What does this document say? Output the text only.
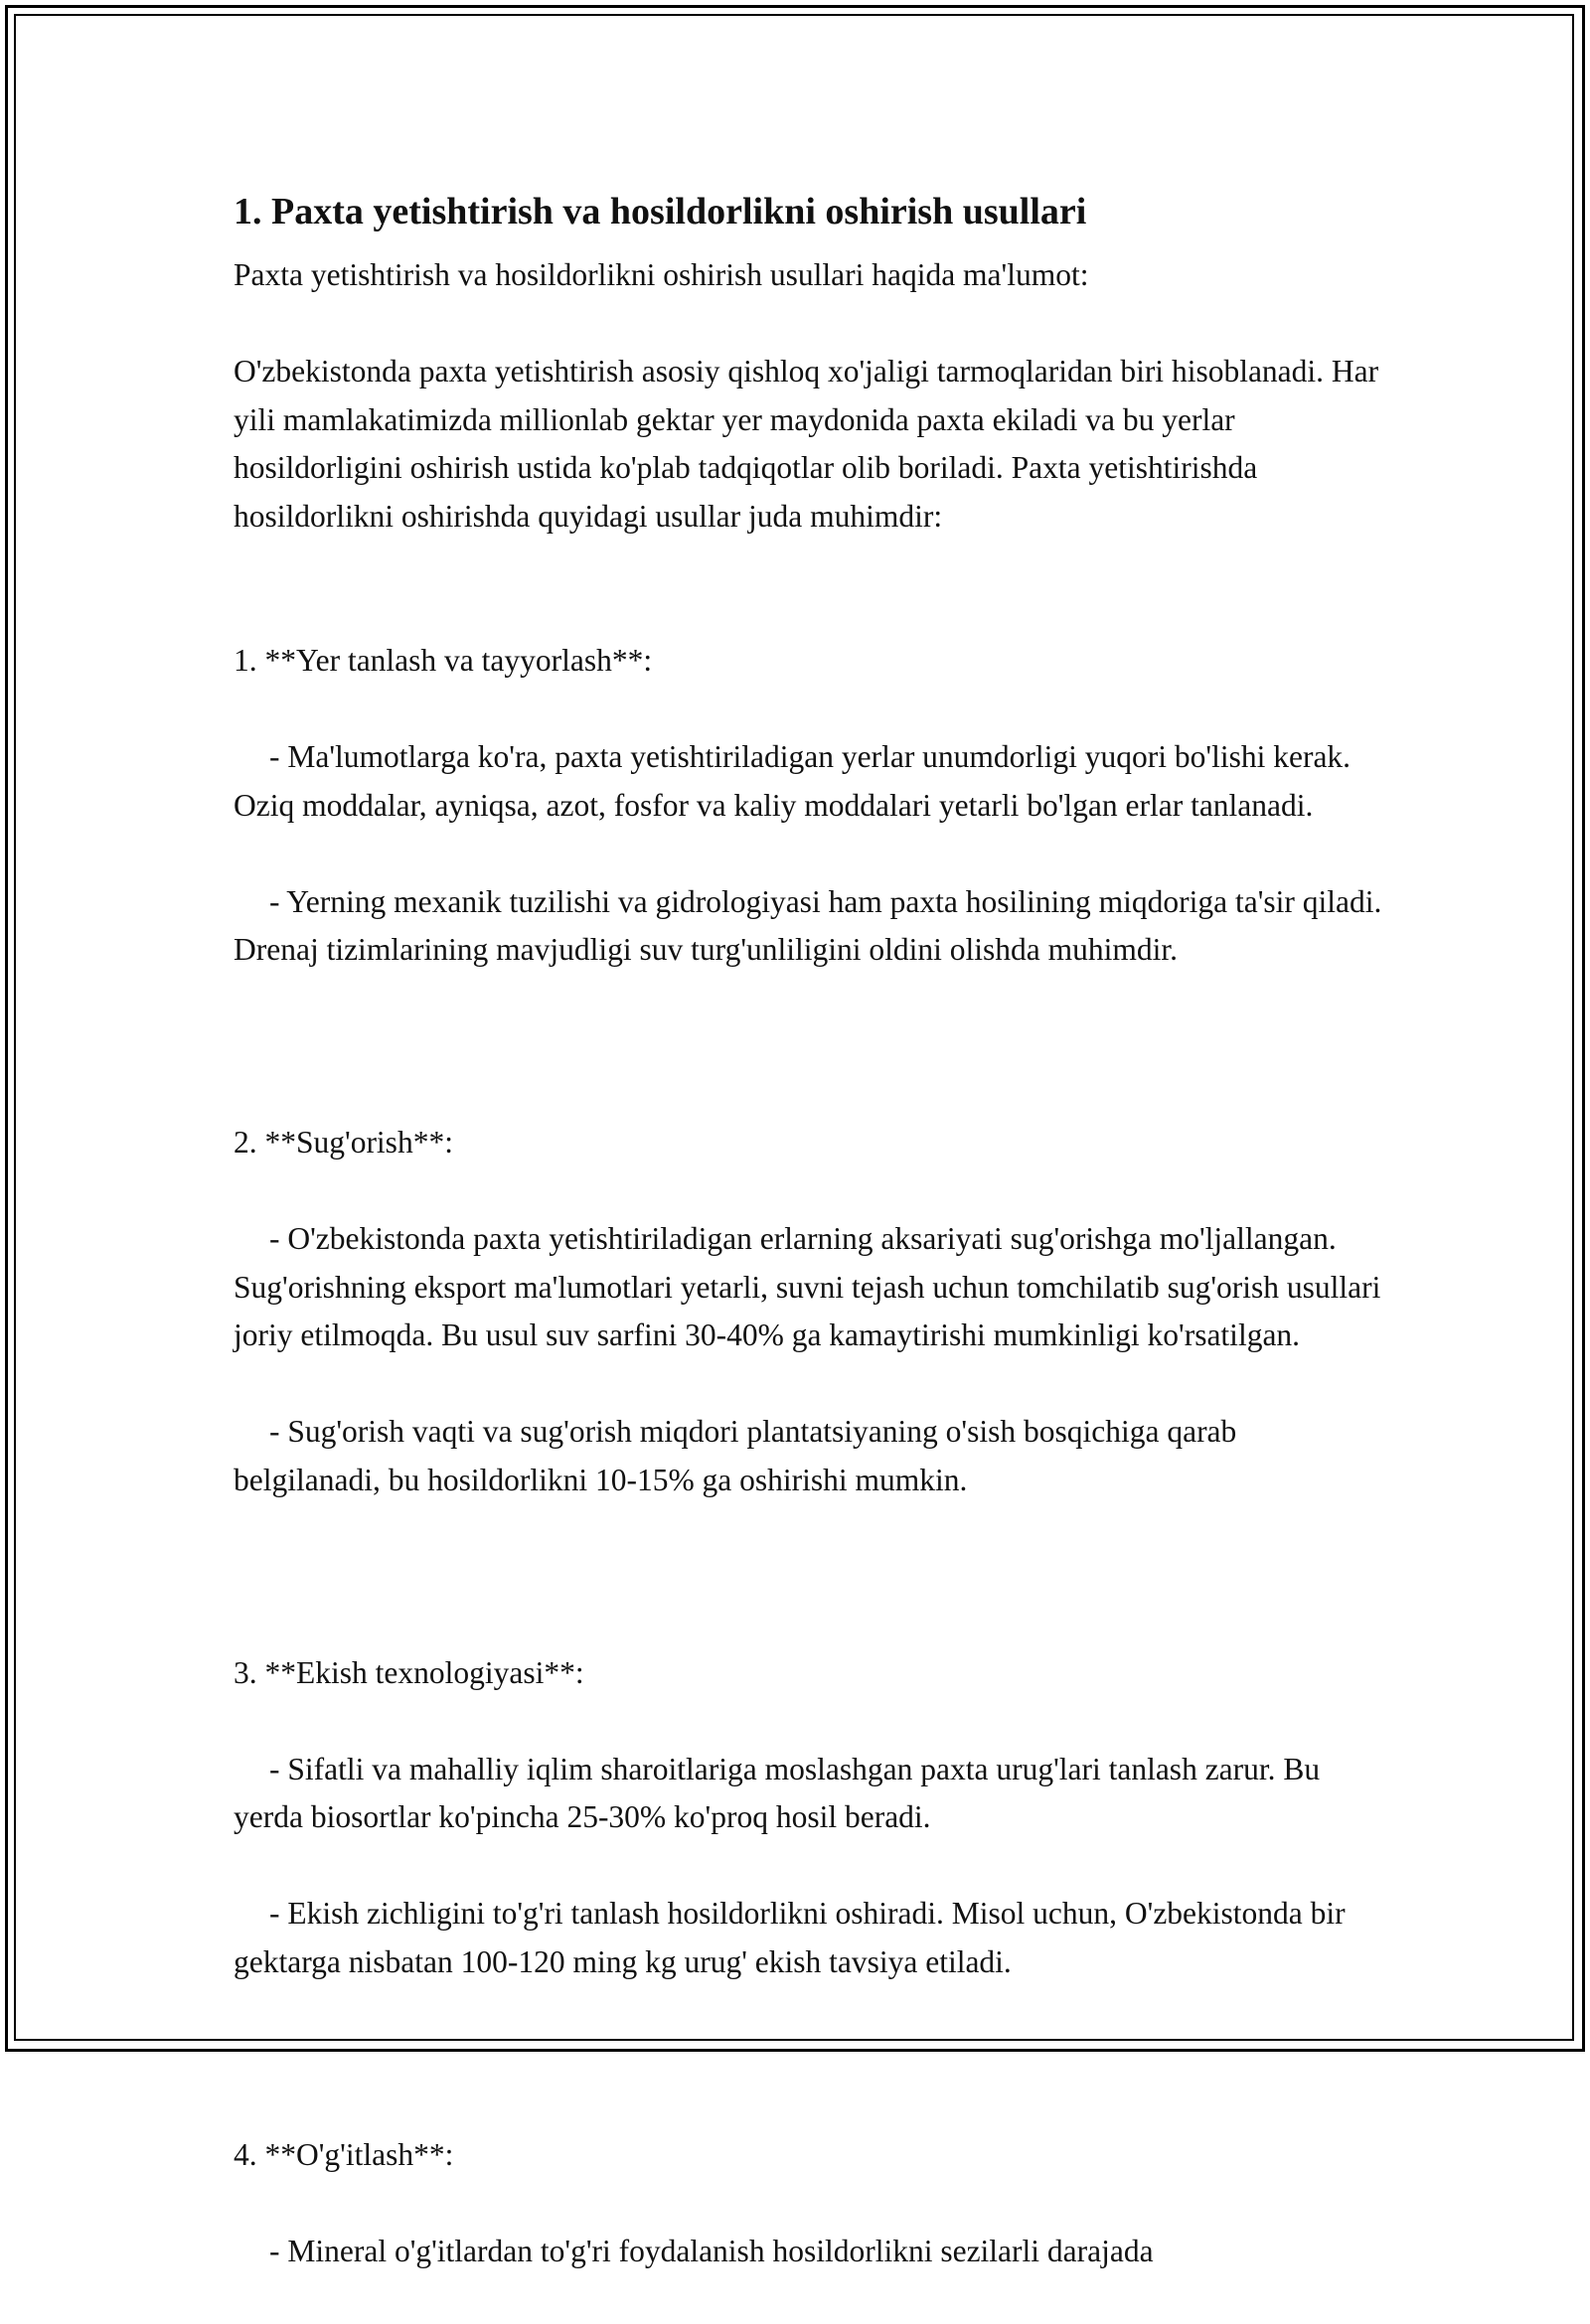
1. Paxta yetishtirish va hosildorlikni oshirish usullari

Paxta yetishtirish va hosildorlikni oshirish usullari haqida ma'lumot:

O'zbekistonda paxta yetishtirish asosiy qishloq xo'jaligi tarmoqlaridan biri hisoblanadi. Har yili mamlakatimizda millionlab gektar yer maydonida paxta ekiladi va bu yerlar hosildorligini oshirish ustida ko'plab tadqiqotlar olib boriladi. Paxta yetishtirishda hosildorlikni oshirishda quyidagi usullar juda muhimdir:

1. **Yer tanlash va tayyorlash**:

- Ma'lumotlarga ko'ra, paxta yetishtiriladigan yerlar unumdorligi yuqori bo'lishi kerak. Oziq moddalar, ayniqsa, azot, fosfor va kaliy moddalari yetarli bo'lgan erlar tanlanadi.

- Yerning mexanik tuzilishi va gidrologiyasi ham paxta hosilining miqdoriga ta'sir qiladi. Drenaj tizimlarining mavjudligi suv turg'unliligini oldini olishda muhimdir.

2. **Sug'orish**:

- O'zbekistonda paxta yetishtiriladigan erlarning aksariyati sug'orishga mo'ljallangan. Sug'orishning eksport ma'lumotlari yetarli, suvni tejash uchun tomchilatib sug'orish usullari joriy etilmoqda. Bu usul suv sarfini 30-40% ga kamaytirishi mumkinligi ko'rsatilgan.

- Sug'orish vaqti va sug'orish miqdori plantatsiyaning o'sish bosqichiga qarab belgilanadi, bu hosildorlikni 10-15% ga oshirishi mumkin.

3. **Ekish texnologiyasi**:

- Sifatli va mahalliy iqlim sharoitlariga moslashgan paxta urug'lari tanlash zarur. Bu yerda biosortlar ko'pincha 25-30% ko'proq hosil beradi.

- Ekish zichligini to'g'ri tanlash hosildorlikni oshiradi. Misol uchun, O'zbekistonda bir gektarga nisbatan 100-120 ming kg urug' ekish tavsiya etiladi.

4. **O'g'itlash**:

- Mineral o'g'itlardan to'g'ri foydalanish hosildorlikni sezilarli darajada
